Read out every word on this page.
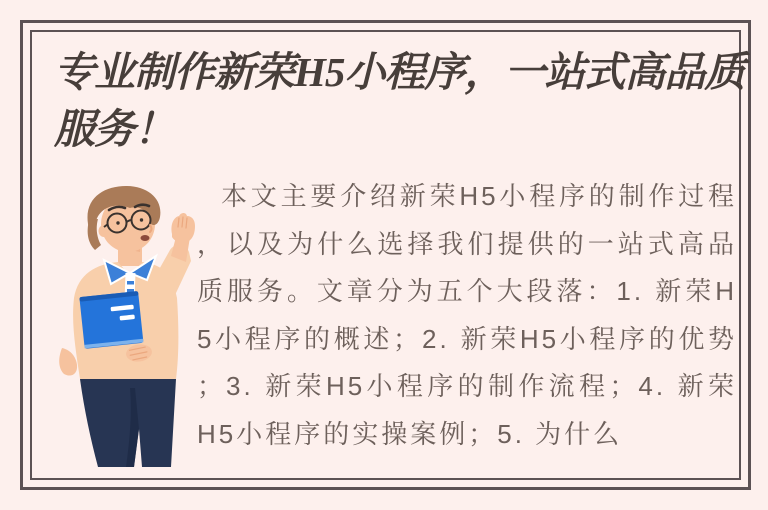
专业制作新荣H5小程序，一站式高品质
服务！

本文主要介绍新荣H5小程序的制作过程，以及为什么选择我们提供的一站式高品质服务。文章分为五个大段落：1. 新荣H5小程序的概述；2. 新荣H5小程序的优势；3. 新荣H5小程序的制作流程；4. 新荣H5小程序的实操案例；5. 为什么
